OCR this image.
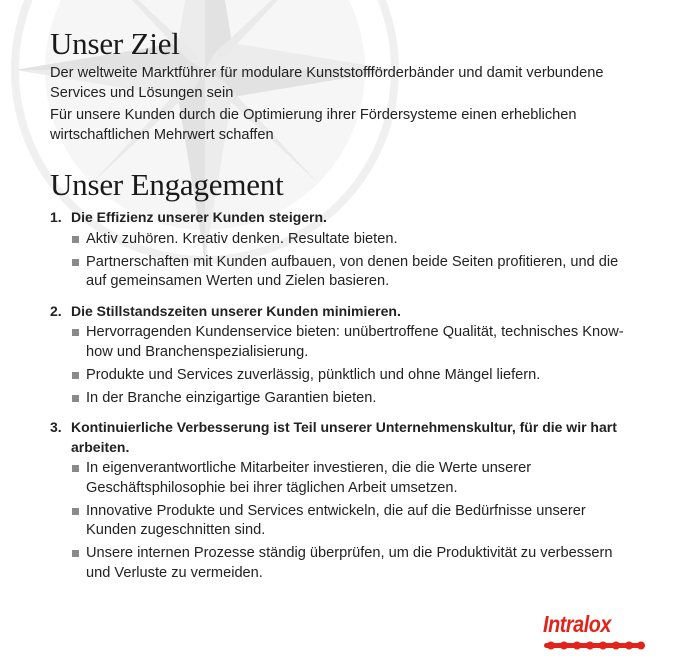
Unser Ziel

Der weltweite Marktführer für modulare Kunststoffförderbänder und damit verbundene Services und Lösungen sein

Für unsere Kunden durch die Optimierung ihrer Fördersysteme einen erheblichen wirtschaftlichen Mehrwert schaffen

Unser Engagement
1. Die Effizienz unserer Kunden steigern.
Aktiv zuhören. Kreativ denken. Resultate bieten.
Partnerschaften mit Kunden aufbauen, von denen beide Seiten profitieren, und die auf gemeinsamen Werten und Zielen basieren.
2. Die Stillstandszeiten unserer Kunden minimieren.
Hervorragenden Kundenservice bieten: unübertroffene Qualität, technisches Know-how und Branchenspezialisierung.
Produkte und Services zuverlässig, pünktlich und ohne Mängel liefern.
In der Branche einzigartige Garantien bieten.
3. Kontinuierliche Verbesserung ist Teil unserer Unternehmenskultur, für die wir hart arbeiten.
In eigenverantwortliche Mitarbeiter investieren, die die Werte unserer Geschäftsphilosophie bei ihrer täglichen Arbeit umsetzen.
Innovative Produkte und Services entwickeln, die auf die Bedürfnisse unserer Kunden zugeschnitten sind.
Unsere internen Prozesse ständig überprüfen, um die Produktivität zu verbessern und Verluste zu vermeiden.
Intralox
